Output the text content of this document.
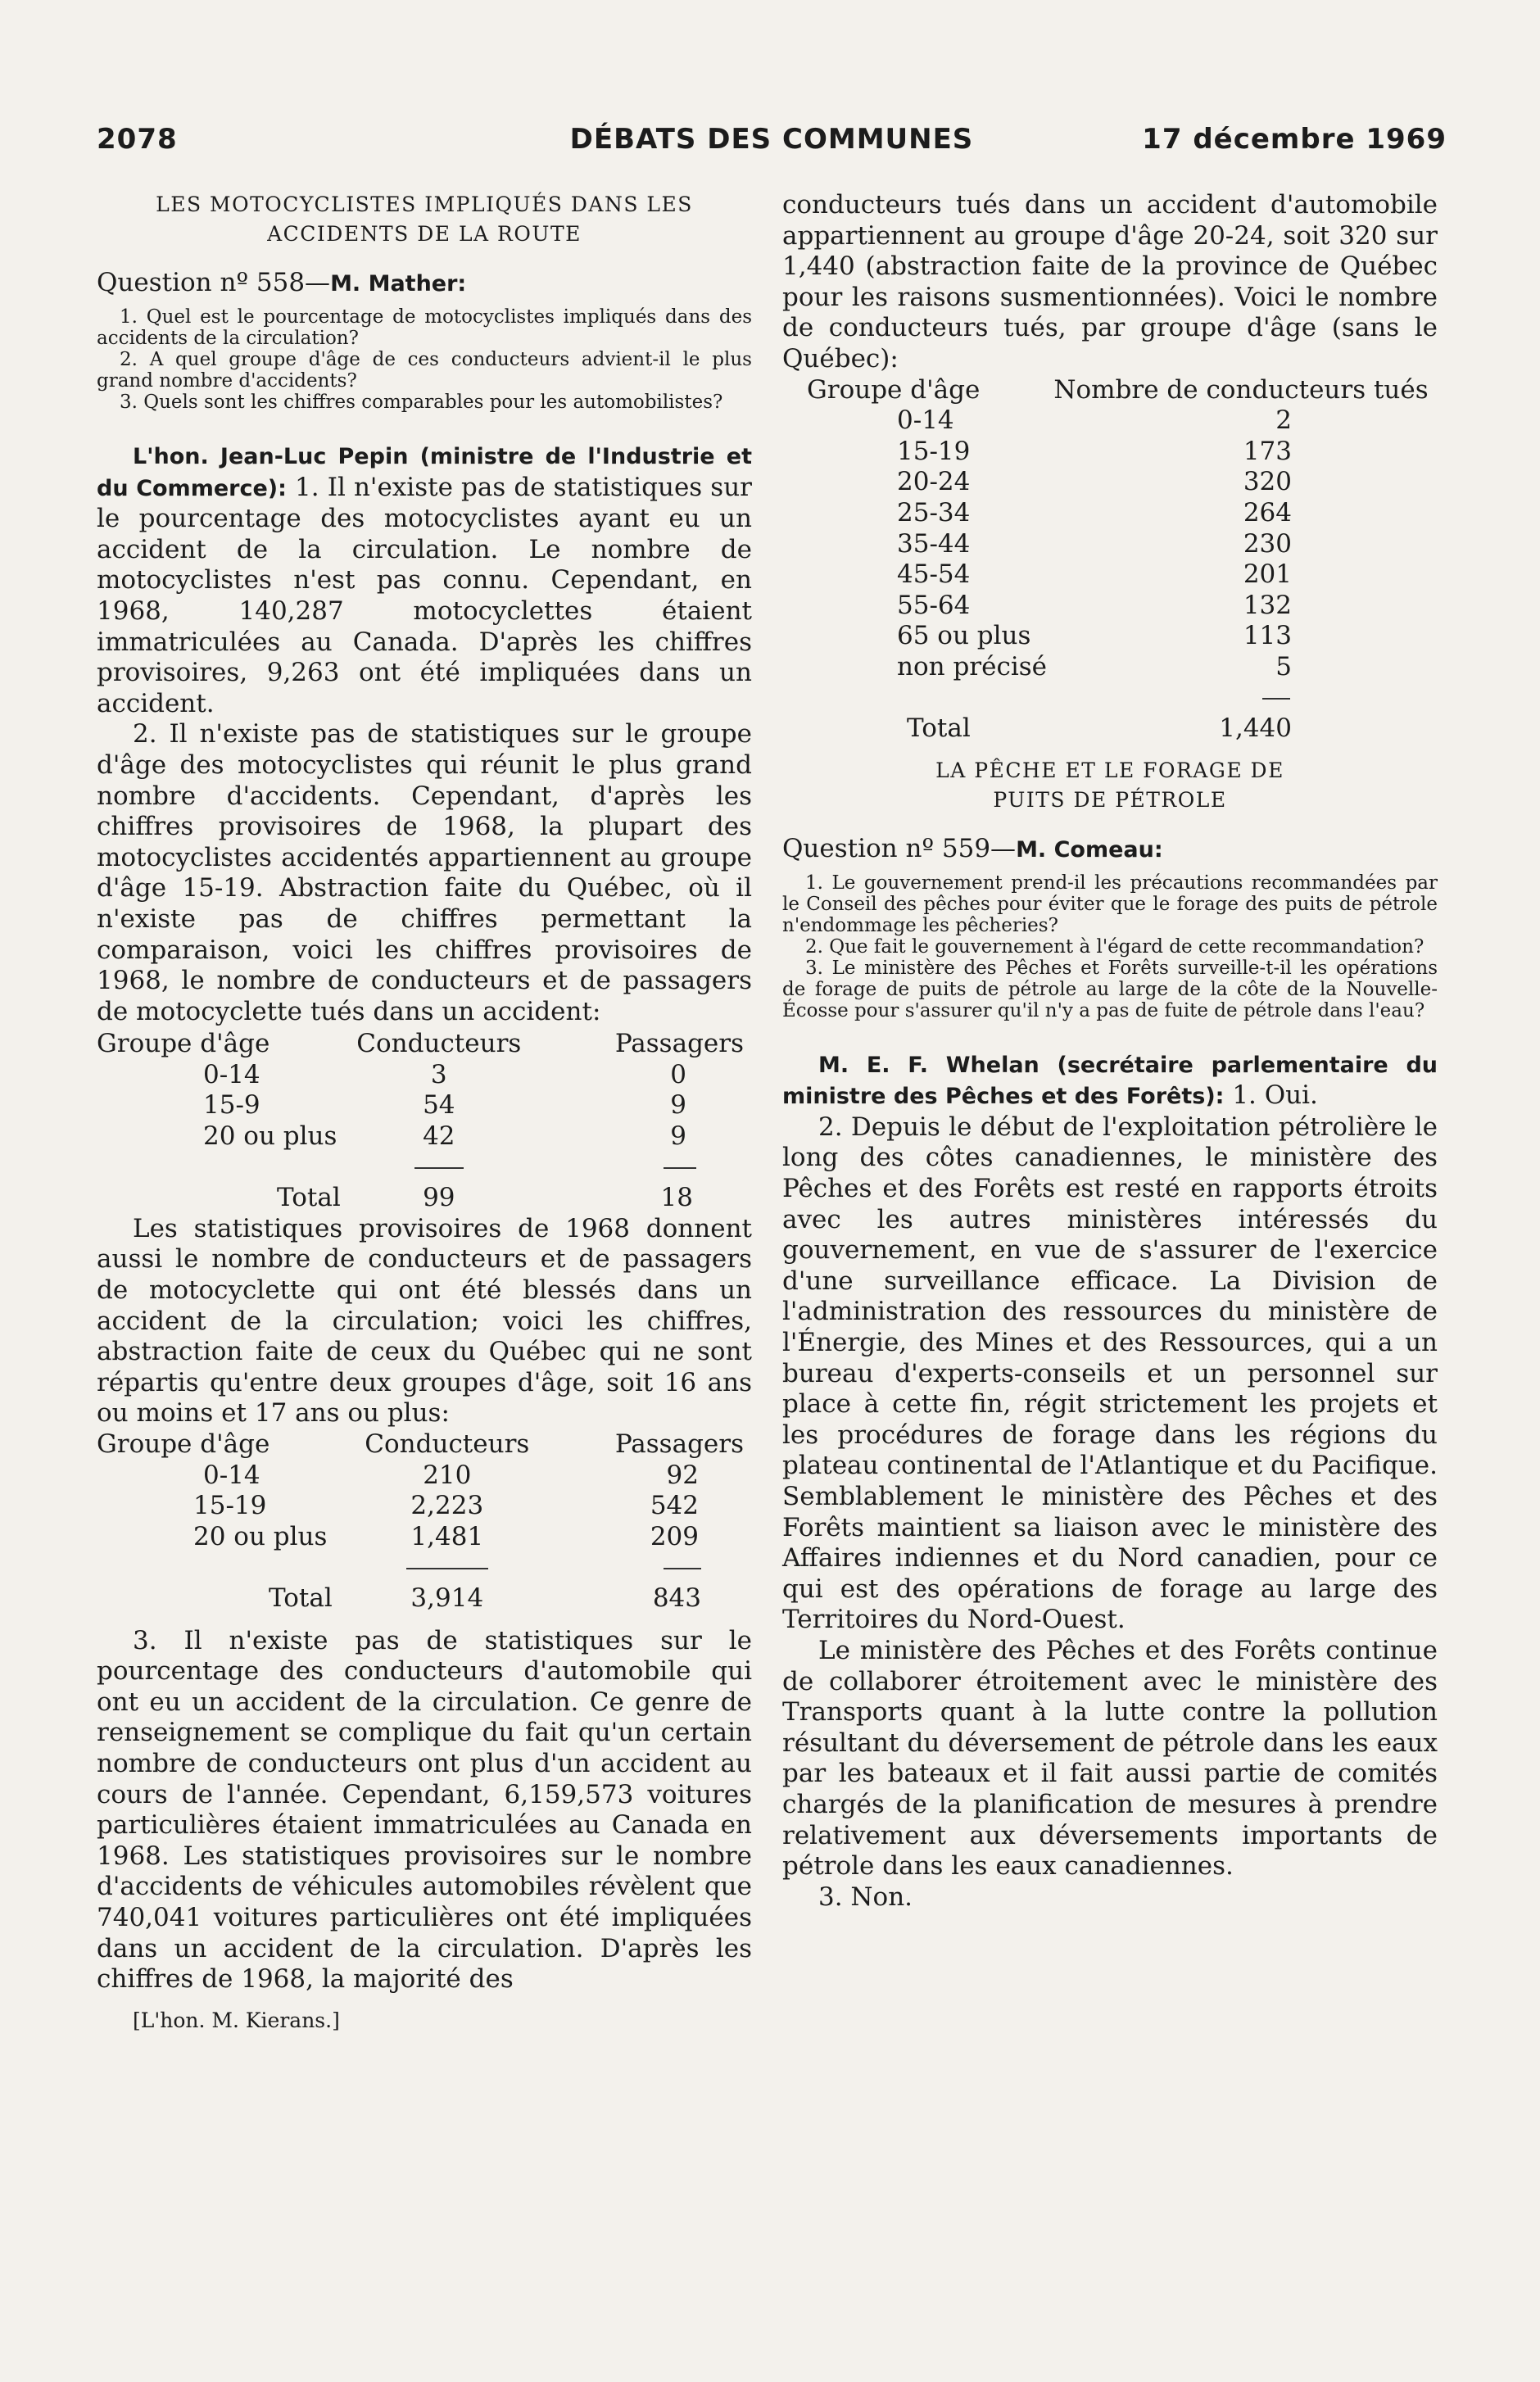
2078	DÉBATS DES COMMUNES	17 décembre 1969
LES MOTOCYCLISTES IMPLIQUÉS DANS LES
ACCIDENTS DE LA ROUTE
Question nº 558—M. Mather:

1. Quel est le pourcentage de motocyclistes impliqués dans des accidents de la circulation?

2. A quel groupe d'âge de ces conducteurs advient-il le plus grand nombre d'accidents?

3. Quels sont les chiffres comparables pour les automobilistes?

L'hon. Jean-Luc Pepin (ministre de l'Industrie et du Commerce): 1. Il n'existe pas de statistiques sur le pourcentage des motocyclistes ayant eu un accident de la circulation. Le nombre de motocyclistes n'est pas connu. Cependant, en 1968, 140,287 motocyclettes étaient immatriculées au Canada. D'après les chiffres provisoires, 9,263 ont été impliquées dans un accident.

2. Il n'existe pas de statistiques sur le groupe d'âge des motocyclistes qui réunit le plus grand nombre d'accidents. Cependant, d'après les chiffres provisoires de 1968, la plupart des motocyclistes accidentés appartiennent au groupe d'âge 15-19. Abstraction faite du Québec, où il n'existe pas de chiffres permettant la comparaison, voici les chiffres provisoires de 1968, le nombre de conducteurs et de passagers de motocyclette tués dans un accident:

Groupe d'âge	Conducteurs	Passagers
0-14	3	0
15-9	54	9
20 ou plus	42	9

Total	99	18

Les statistiques provisoires de 1968 donnent aussi le nombre de conducteurs et de passagers de motocyclette qui ont été blessés dans un accident de la circulation; voici les chiffres, abstraction faite de ceux du Québec qui ne sont répartis qu'entre deux groupes d'âge, soit 16 ans ou moins et 17 ans ou plus:

Groupe d'âge	Conducteurs	Passagers
0-14	210	92
15-19	2,223	542
20 ou plus	1,481	209

Total	3,914	843

3. Il n'existe pas de statistiques sur le pourcentage des conducteurs d'automobile qui ont eu un accident de la circulation. Ce genre de renseignement se complique du fait qu'un certain nombre de conducteurs ont plus d'un accident au cours de l'année. Cependant, 6,159,573 voitures particulières étaient immatriculées au Canada en 1968. Les statistiques provisoires sur le nombre d'accidents de véhicules automobiles révèlent que 740,041 voitures particulières ont été impliquées dans un accident de la circulation. D'après les chiffres de 1968, la majorité des

[L'hon. M. Kierans.]

conducteurs tués dans un accident d'automobile appartiennent au groupe d'âge 20-24, soit 320 sur 1,440 (abstraction faite de la province de Québec pour les raisons susmentionnées). Voici le nombre de conducteurs tués, par groupe d'âge (sans le Québec):

Groupe d'âge	Nombre de conducteurs tués
0-14	2
15-19	173
20-24	320
25-34	264
35-44	230
45-54	201
55-64	132
65 ou plus	113
non précisé	5

Total	1,440
LA PÊCHE ET LE FORAGE DE
PUITS DE PÉTROLE
Question nº 559—M. Comeau:

1. Le gouvernement prend-il les précautions recommandées par le Conseil des pêches pour éviter que le forage des puits de pétrole n'endommage les pêcheries?

2. Que fait le gouvernement à l'égard de cette recommandation?

3. Le ministère des Pêches et Forêts surveille-t-il les opérations de forage de puits de pétrole au large de la côte de la Nouvelle-Écosse pour s'assurer qu'il n'y a pas de fuite de pétrole dans l'eau?

M. E. F. Whelan (secrétaire parlementaire du ministre des Pêches et des Forêts): 1. Oui.

2. Depuis le début de l'exploitation pétrolière le long des côtes canadiennes, le ministère des Pêches et des Forêts est resté en rapports étroits avec les autres ministères intéressés du gouvernement, en vue de s'assurer de l'exercice d'une surveillance efficace. La Division de l'administration des ressources du ministère de l'Énergie, des Mines et des Ressources, qui a un bureau d'experts-conseils et un personnel sur place à cette fin, régit strictement les projets et les procédures de forage dans les régions du plateau continental de l'Atlantique et du Pacifique. Semblablement le ministère des Pêches et des Forêts maintient sa liaison avec le ministère des Affaires indiennes et du Nord canadien, pour ce qui est des opérations de forage au large des Territoires du Nord-Ouest.

Le ministère des Pêches et des Forêts continue de collaborer étroitement avec le ministère des Transports quant à la lutte contre la pollution résultant du déversement de pétrole dans les eaux par les bateaux et il fait aussi partie de comités chargés de la planification de mesures à prendre relativement aux déversements importants de pétrole dans les eaux canadiennes.

3. Non.
